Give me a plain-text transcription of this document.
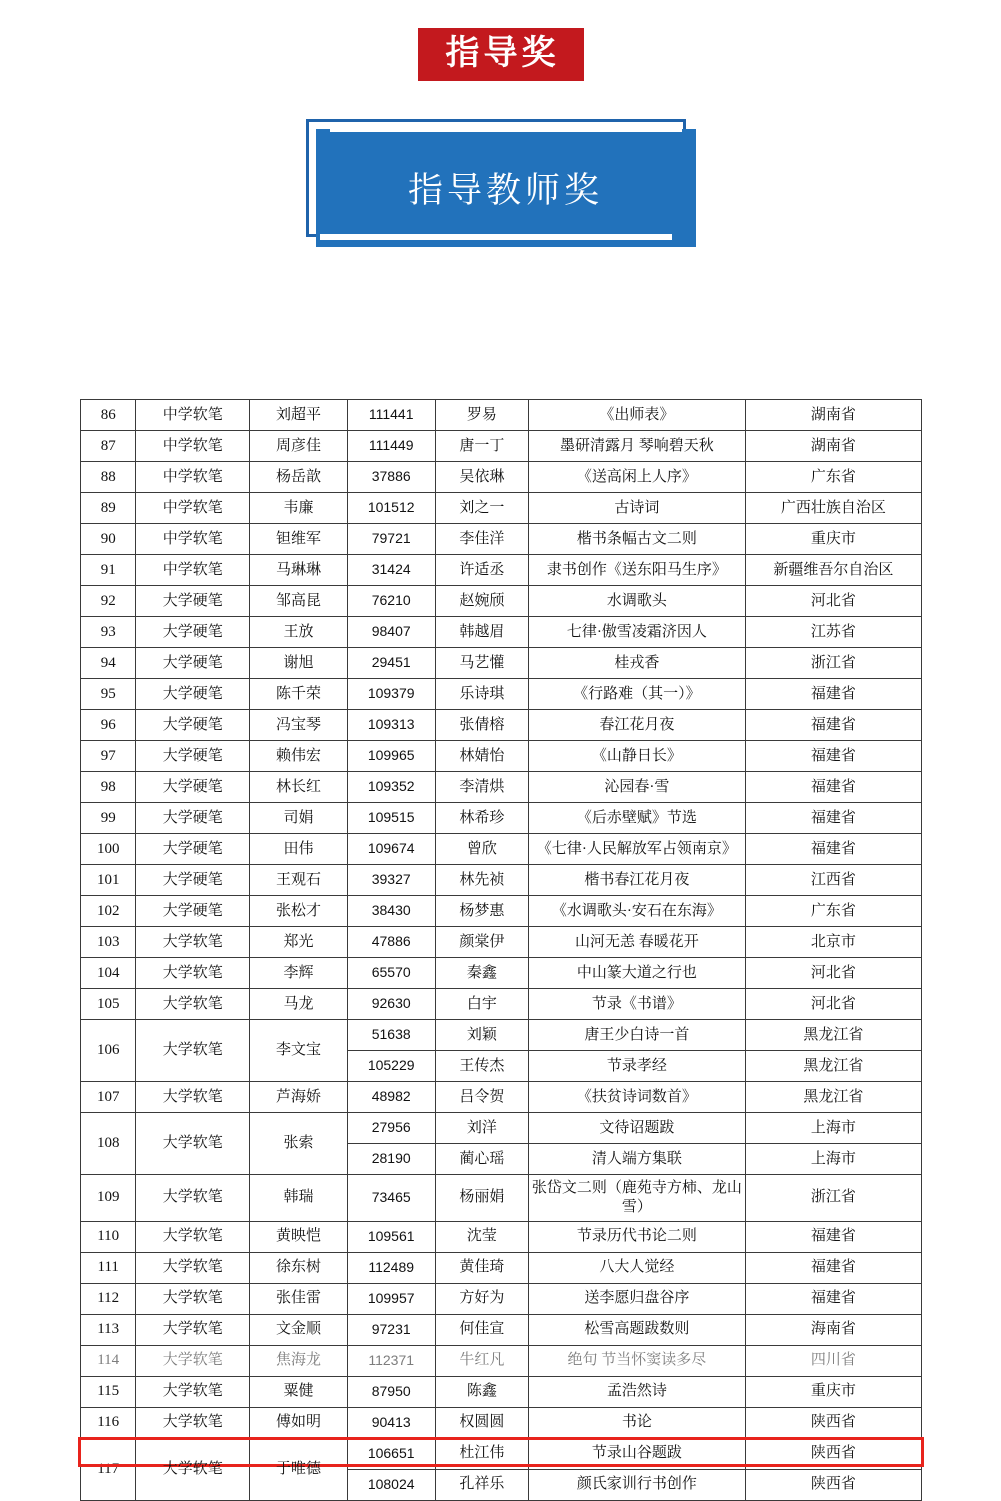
指导奖
指导教师奖
86	中学软笔	刘超平	111441	罗易	《出师表》	湖南省
87	中学软笔	周彦佳	111449	唐一丁	墨研清露月 琴响碧天秋	湖南省
88	中学软笔	杨岳歆	37886	吴依琳	《送高闲上人序》	广东省
89	中学软笔	韦廉	101512	刘之一	古诗词	广西壮族自治区
90	中学软笔	钽维军	79721	李佳洋	楷书条幅古文二则	重庆市
91	中学软笔	马琳琳	31424	许适丞	隶书创作《送东阳马生序》	新疆维吾尔自治区
92	大学硬笔	邹高昆	76210	赵婉颀	水调歌头	河北省
93	大学硬笔	王放	98407	韩越眉	七律·傲雪凌霜济因人	江苏省
94	大学硬笔	谢旭	29451	马艺懽	桂戎香	浙江省
95	大学硬笔	陈千荣	109379	乐诗琪	《行路难（其一）》	福建省
96	大学硬笔	冯宝琴	109313	张倩榕	春江花月夜	福建省
97	大学硬笔	赖伟宏	109965	林婧怡	《山静日长》	福建省
98	大学硬笔	林长红	109352	李清烘	沁园春·雪	福建省
99	大学硬笔	司娟	109515	林希珍	《后赤壁赋》节选	福建省
100	大学硬笔	田伟	109674	曾欣	《七律·人民解放军占领南京》	福建省
101	大学硬笔	王观石	39327	林先祯	楷书春江花月夜	江西省
102	大学硬笔	张松才	38430	杨梦惠	《水调歌头·安石在东海》	广东省
103	大学软笔	郑光	47886	颜棠伊	山河无恙 春暖花开	北京市
104	大学软笔	李辉	65570	秦鑫	中山篆大道之行也	河北省
105	大学软笔	马龙	92630	白宇	节录《书谱》	河北省
106	大学软笔	李文宝	51638	刘颖	唐王少白诗一首	黑龙江省
			105229	王传杰	节录孝经	黑龙江省
107	大学软笔	芦海娇	48982	吕令贺	《扶贫诗词数首》	黑龙江省
108	大学软笔	张索	27956	刘洋	文待诏题跋	上海市
			28190	蔺心瑶	清人端方集联	上海市
109	大学软笔	韩瑞	73465	杨丽娟	张岱文二则（鹿苑寺方柿、龙山雪）	浙江省
110	大学软笔	黄映恺	109561	沈莹	节录历代书论二则	福建省
111	大学软笔	徐东树	112489	黄佳琦	八大人觉经	福建省
112	大学软笔	张佳雷	109957	方好为	送李愿归盘谷序	福建省
113	大学软笔	文金顺	97231	何佳宣	松雪高题跋数则	海南省
114	大学软笔	焦海龙	112371	牛红凡	绝句 节当怀窦读多尽	四川省
115	大学软笔	粟健	87950	陈鑫	孟浩然诗	重庆市
116	大学软笔	傅如明	90413	权圆圆	书论	陕西省
117	大学软笔	于唯德	106651	杜江伟	节录山谷题跋	陕西省
			108024	孔祥乐	颜氏家训行书创作	陕西省
